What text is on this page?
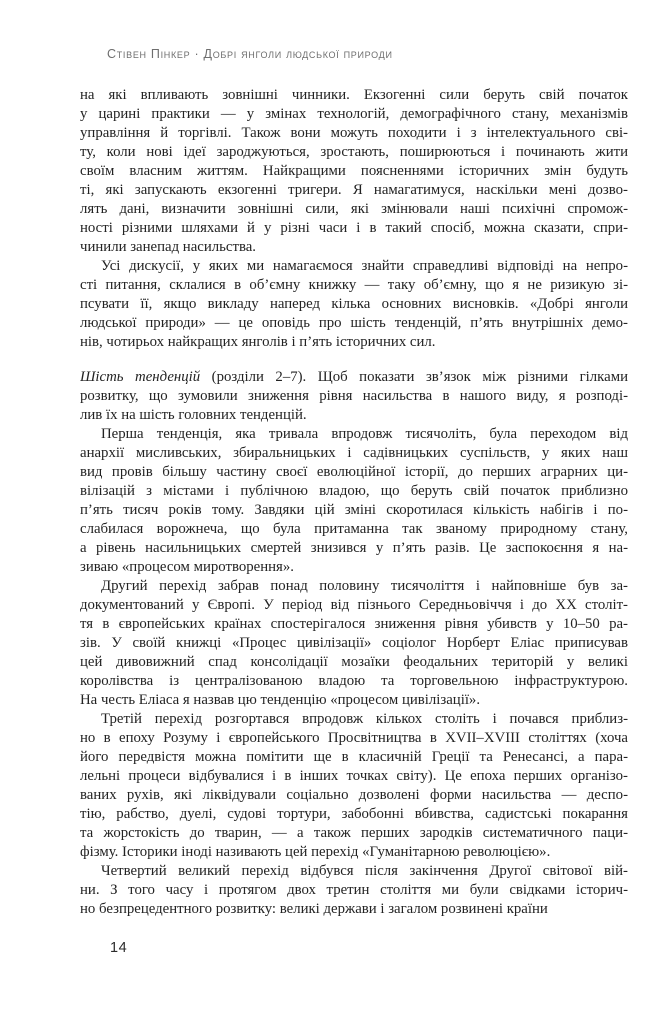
Стівен Пінкер · Добрі янголи людської природи
на які впливають зовнішні чинники. Екзогенні сили беруть свій початок
у царині практики — у змінах технологій, демографічного стану, механізмів
управління й торгівлі. Також вони можуть походити і з інтелектуального сві-
ту, коли нові ідеї зароджуються, зростають, поширюються і починають жити
своїм власним життям. Найкращими поясненнями історичних змін будуть
ті, які запускають екзогенні тригери. Я намагатимуся, наскільки мені дозво-
лять дані, визначити зовнішні сили, які змінювали наші психічні спромож-
ності різними шляхами й у різні часи і в такий спосіб, можна сказати, спри-
чинили занепад насильства.
Усі дискусії, у яких ми намагаємося знайти справедливі відповіді на непро-
сті питання, склалися в об’ємну книжку — таку об’ємну, що я не ризикую зі-
псувати її, якщо викладу наперед кілька основних висновків. «Добрі янголи
людської природи» — це оповідь про шість тенденцій, п’ять внутрішніх демо-
нів, чотирьох найкращих янголів і п’ять історичних сил.
Шість тенденцій (розділи 2–7). Щоб показати зв’язок між різними гілками
розвитку, що зумовили зниження рівня насильства в нашого виду, я розподі-
лив їх на шість головних тенденцій.
Перша тенденція, яка тривала впродовж тисячоліть, була переходом від
анархії мисливських, збиральницьких і садівницьких суспільств, у яких наш
вид провів більшу частину своєї еволюційної історії, до перших аграрних ци-
вілізацій з містами і публічною владою, що беруть свій початок приблизно
п’ять тисяч років тому. Завдяки цій зміні скоротилася кількість набігів і по-
слабилася ворожнеча, що була притаманна так званому природному стану,
а рівень насильницьких смертей знизився у п’ять разів. Це заспокоєння я на-
зиваю «процесом миротворення».
Другий перехід забрав понад половину тисячоліття і найповніше був за-
документований у Європі. У період від пізнього Середньовіччя і до XX століт-
тя в європейських країнах спостерігалося зниження рівня убивств у 10–50 ра-
зів. У своїй книжці «Процес цивілізації» соціолог Норберт Еліас приписував
цей дивовижний спад консолідації мозаїки феодальних територій у великі
королівства із централізованою владою та торговельною інфраструктурою.
На честь Еліаса я назвав цю тенденцію «процесом цивілізації».
Третій перехід розгортався впродовж кількох століть і почався приблиз-
но в епоху Розуму і європейського Просвітництва в XVII–XVIII століттях (хоча
його передвістя можна помітити ще в класичній Греції та Ренесансі, а пара-
лельні процеси відбувалися і в інших точках світу). Це епоха перших організо-
ваних рухів, які ліквідували соціально дозволені форми насильства — деспо-
тію, рабство, дуелі, судові тортури, забобонні вбивства, садистські покарання
та жорстокість до тварин, — а також перших зародків систематичного паци-
фізму. Історики іноді називають цей перехід «Гуманітарною революцією».
Четвертий великий перехід відбувся після закінчення Другої світової вій-
ни. З того часу і протягом двох третин століття ми були свідками історич-
но безпрецедентного розвитку: великі держави і загалом розвинені країни
14
